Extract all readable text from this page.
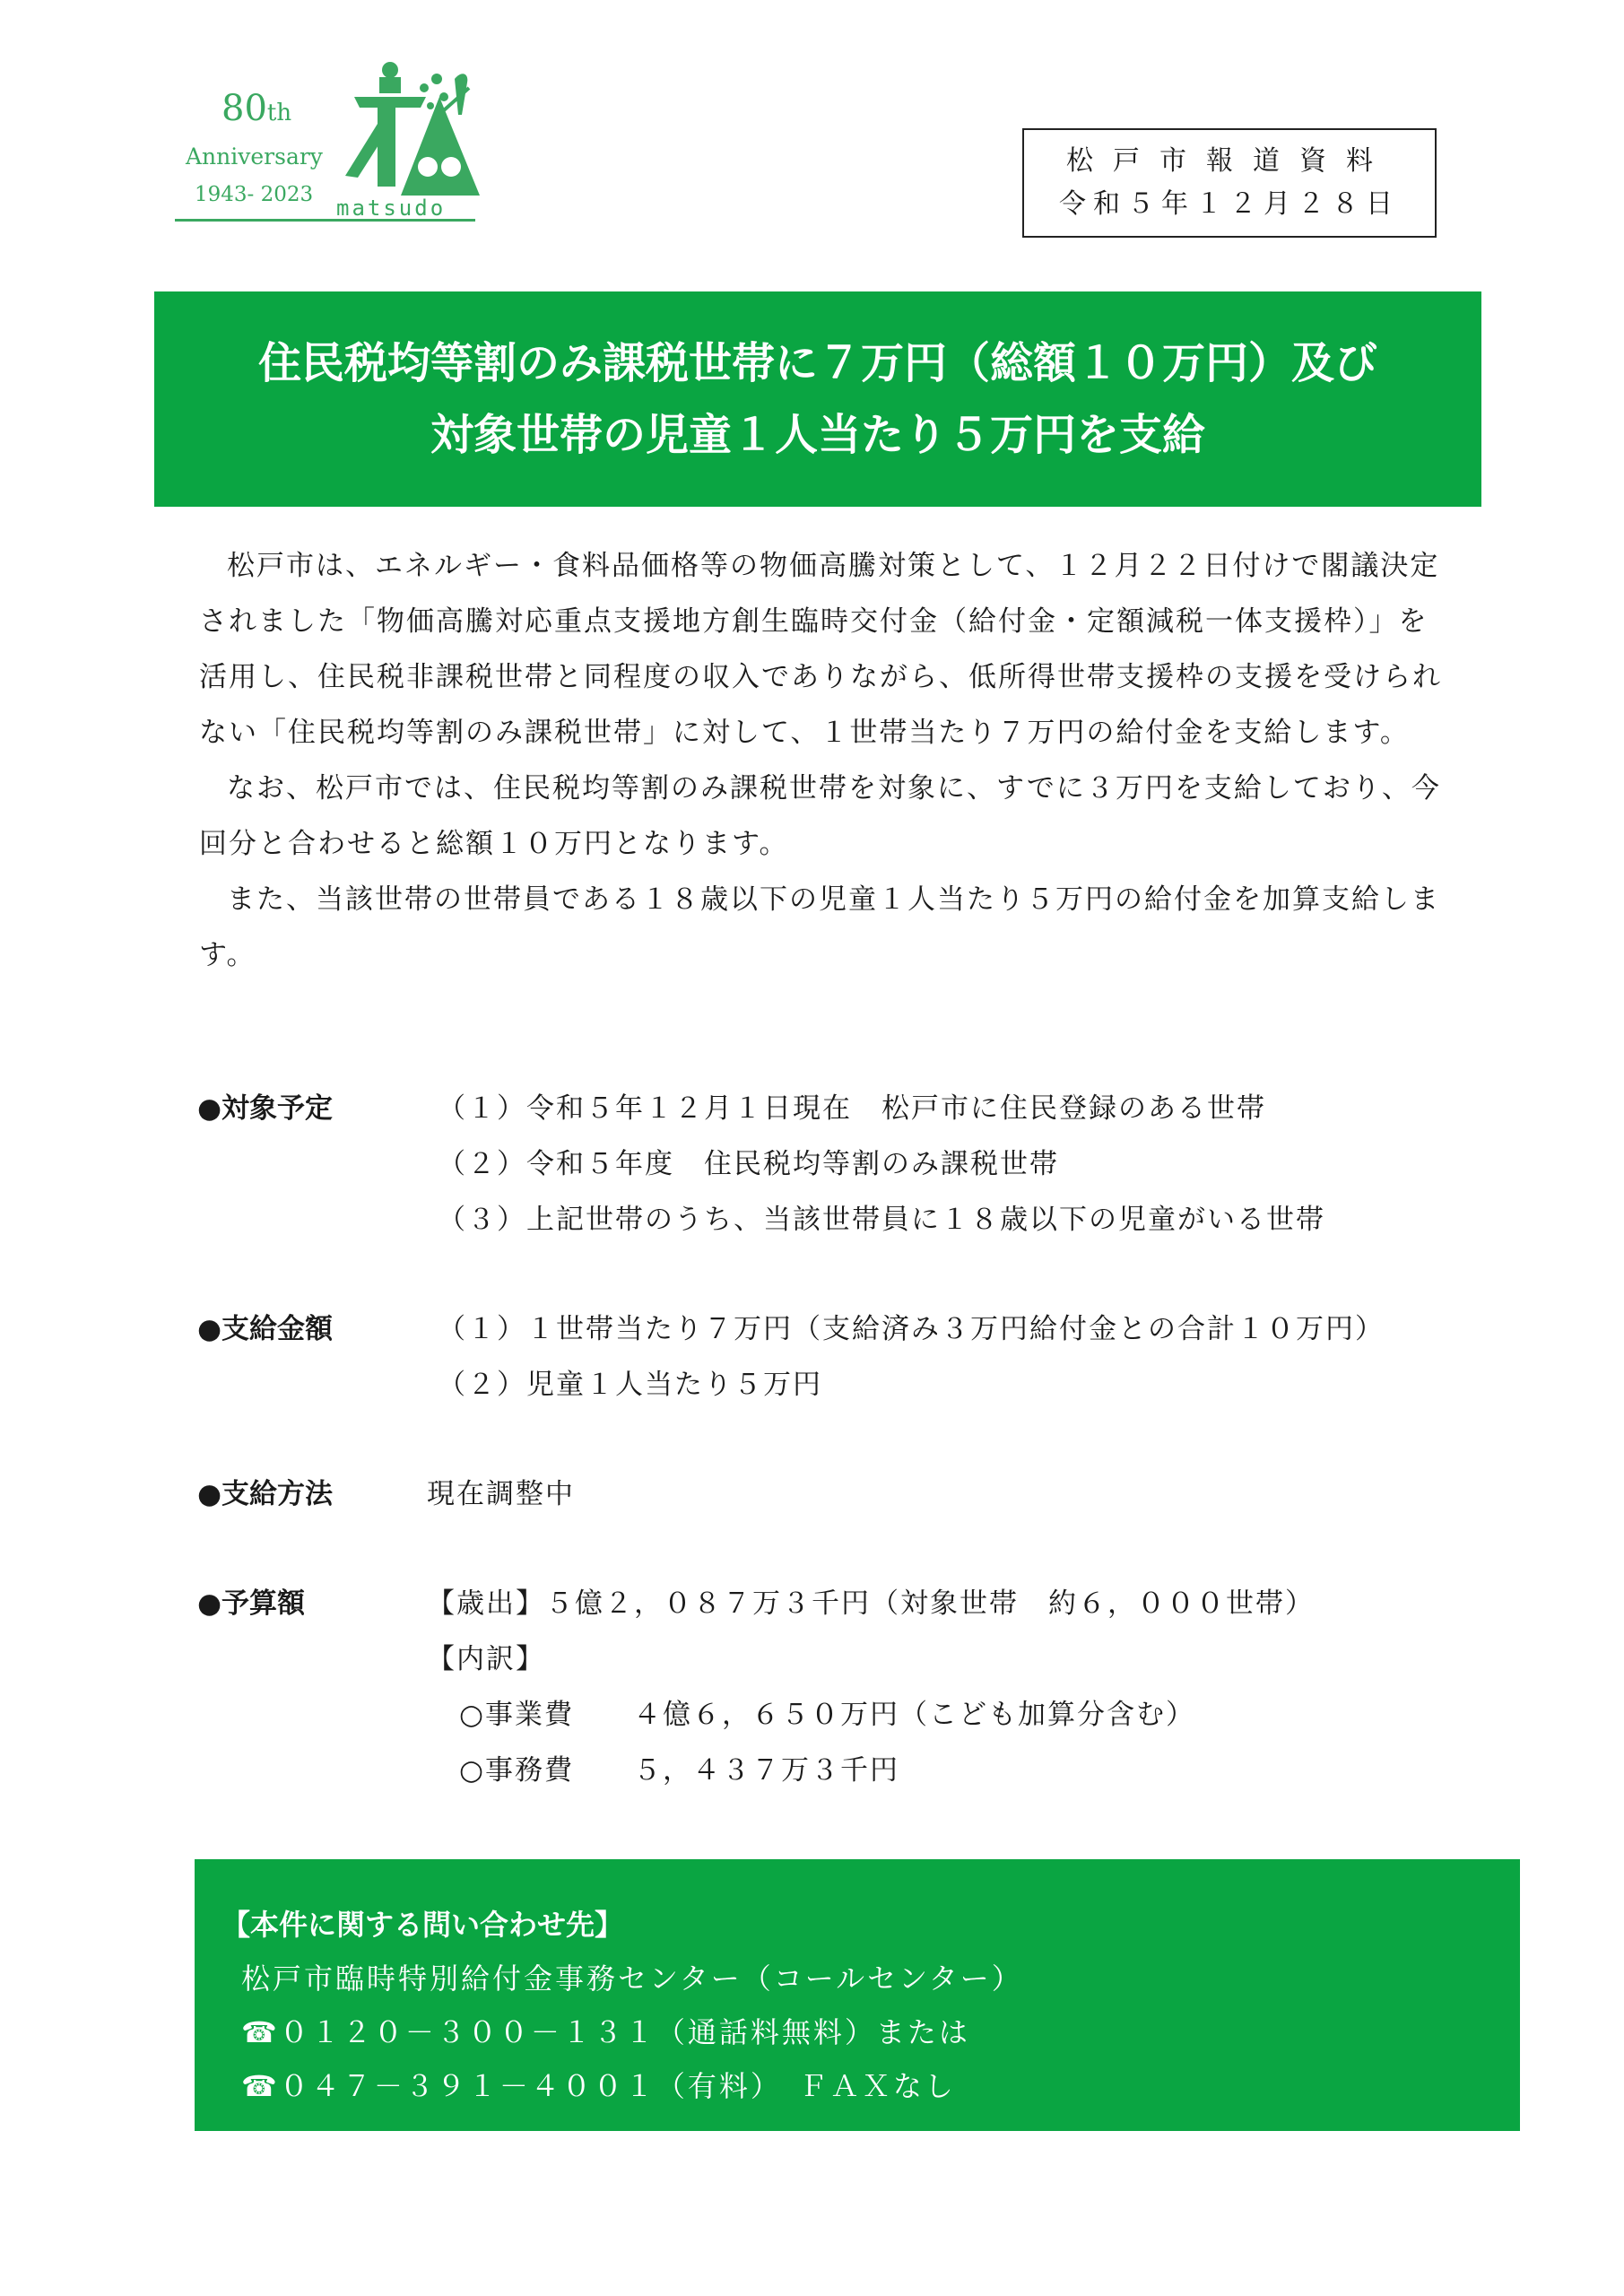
80th
Anniversary
1943- 2023
matsudo
松戸市報道資料
令和５年１２月２８日
住民税均等割のみ課税世帯に７万円（総額１０万円）及び
対象世帯の児童１人当たり５万円を支給

松戸市は、エネルギー・食料品価格等の物価高騰対策として、１２月２２日付けで閣議決定されました「物価高騰対応重点支援地方創生臨時交付金（給付金・定額減税一体支援枠）」を活用し、住民税非課税世帯と同程度の収入でありながら、低所得世帯支援枠の支援を受けられない「住民税均等割のみ課税世帯」に対して、１世帯当たり７万円の給付金を支給します。

なお、松戸市では、住民税均等割のみ課税世帯を対象に、すでに３万円を支給しており、今回分と合わせると総額１０万円となります。

また、当該世帯の世帯員である１８歳以下の児童１人当たり５万円の給付金を加算支給します。

●対象予定	（１）令和５年１２月１日現在　松戸市に住民登録のある世帯
（２）令和５年度　住民税均等割のみ課税世帯
（３）上記世帯のうち、当該世帯員に１８歳以下の児童がいる世帯
●支給金額	（１）１世帯当たり７万円（支給済み３万円給付金との合計１０万円）
（２）児童１人当たり５万円
●支給方法	現在調整中
●予算額	【歳出】５億２，０８７万３千円（対象世帯　約６，０００世帯）
【内訳】
○事業費　　４億６，６５０万円（こども加算分含む）
○事務費　　５，４３７万３千円
【本件に関する問い合わせ先】
松戸市臨時特別給付金事務センター（コールセンター）
☎０１２０－３００－１３１（通話料無料）または
☎０４７－３９１－４００１（有料）　ＦＡＸなし
